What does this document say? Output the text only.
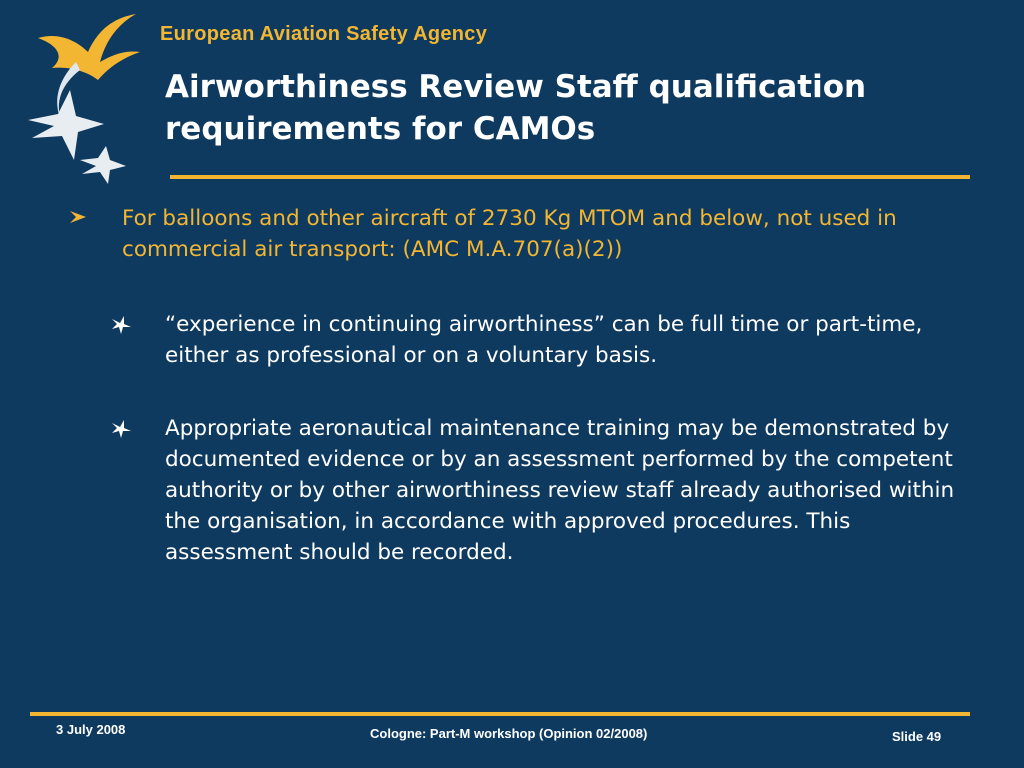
European Aviation Safety Agency
Airworthiness Review Staff qualification
requirements for CAMOs
For balloons and other aircraft of 2730 Kg MTOM and below, not used in commercial air transport: (AMC M.A.707(a)(2))
“experience in continuing airworthiness” can be full time or part-time, either as professional or on a voluntary basis.
Appropriate aeronautical maintenance training may be demonstrated by documented evidence or by an assessment performed by the competent authority or by other airworthiness review staff already authorised within the organisation, in accordance with approved procedures. This assessment should be recorded.
3 July 2008	Cologne: Part-M workshop (Opinion 02/2008)	Slide 49
